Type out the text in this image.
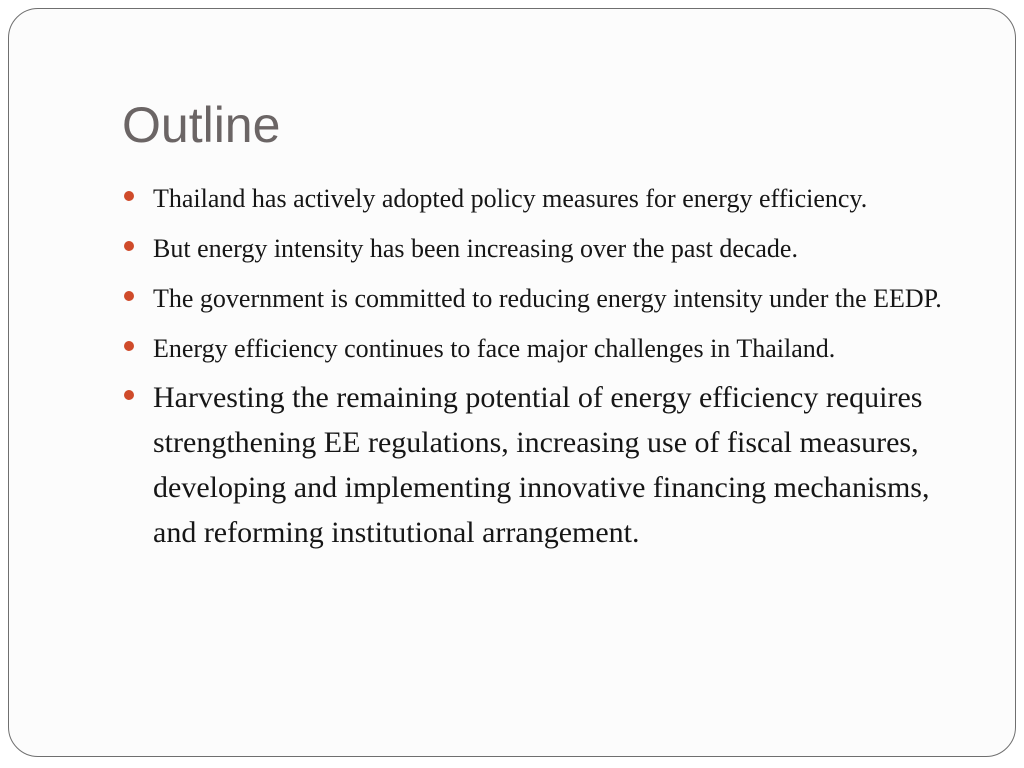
Outline
Thailand has actively adopted policy measures for energy efficiency.
But energy intensity has been increasing over the past decade.
The government is committed to reducing energy intensity under the EEDP.
Energy efficiency continues to face major challenges in Thailand.
Harvesting the remaining potential of energy efficiency requires strengthening EE regulations, increasing use of fiscal measures, developing and implementing innovative financing mechanisms, and reforming institutional arrangement.
